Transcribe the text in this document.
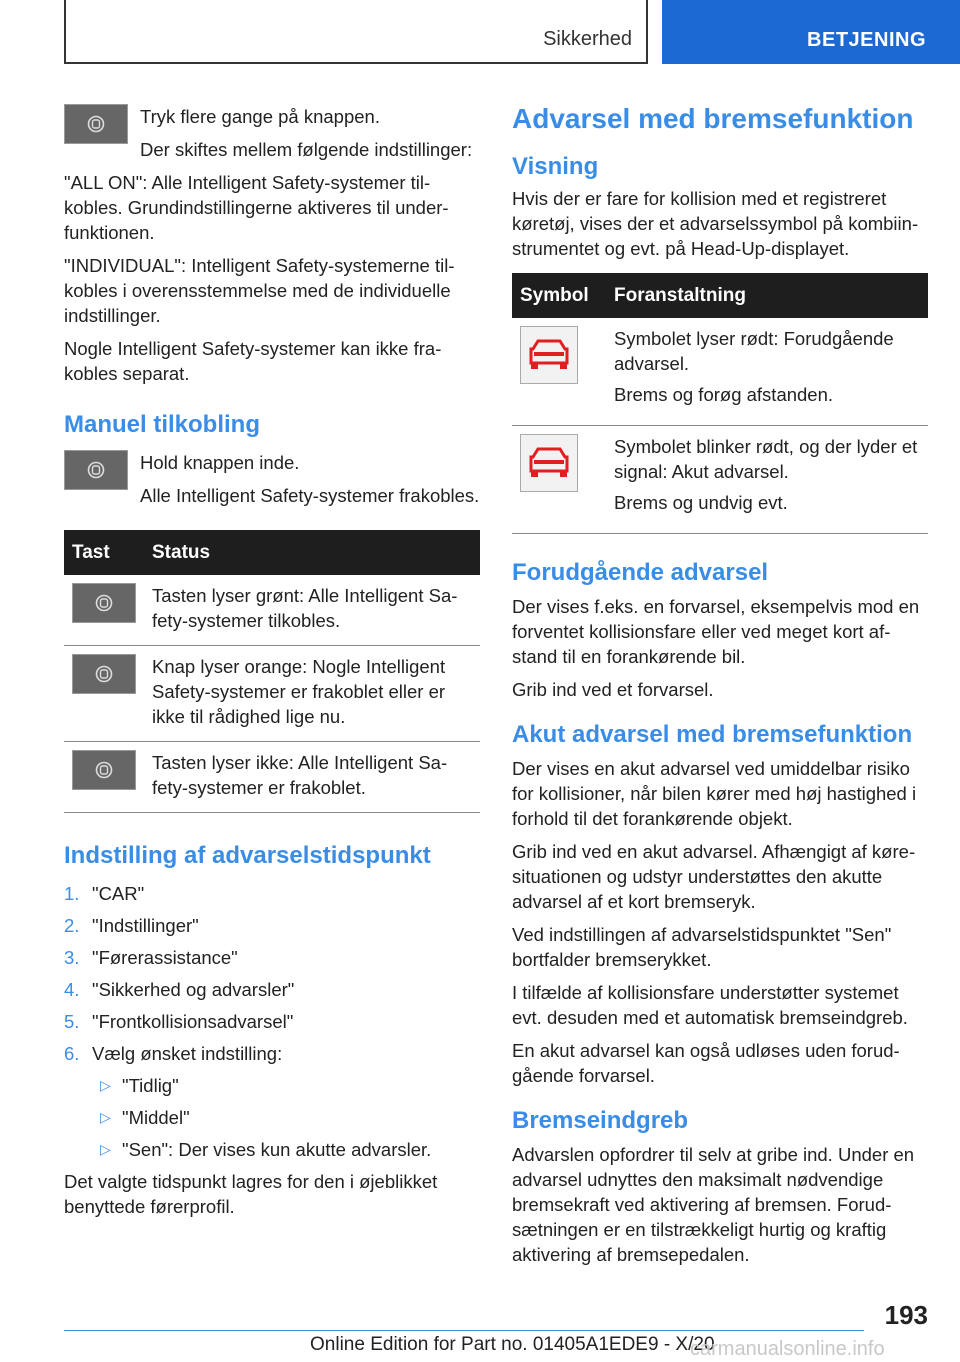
Sikkerhed	BETJENING

Tryk flere gange på knappen.

Der skiftes mellem følgende indstillinger:

"ALL ON": Alle Intelligent Safety-systemer tilkobles. Grundindstillingerne aktiveres til underfunktionen.

"INDIVIDUAL": Intelligent Safety-systemerne tilkobles i overensstemmelse med de individuelle indstillinger.

Nogle Intelligent Safety-systemer kan ikke frakobles separat.

Manuel tilkobling

Hold knappen inde.

Alle Intelligent Safety-systemer frakobles.

Tast	Status

	Tasten lyser grønt: Alle Intelligent Safety-systemer tilkobles.

	Knap lyser orange: Nogle Intelligent Safety-systemer er frakoblet eller er ikke til rådighed lige nu.

	Tasten lyser ikke: Alle Intelligent Safety-systemer er frakoblet.
Indstilling af advarselstidspunkt
1. "CAR"
2. "Indstillinger"
3. "Førerassistance"
4. "Sikkerhed og advarsler"
5. "Frontkollisionsadvarsel"
6. Vælg ønsket indstilling:
▷ "Tidlig"
▷ "Middel"
▷ "Sen": Der vises kun akutte advarsler.

Det valgte tidspunkt lagres for den i øjeblikket benyttede førerprofil.

Advarsel med bremsefunktion
Visning

Hvis der er fare for kollision med et registreret køretøj, vises der et advarselssymbol på kombiinstrumentet og evt. på Head-Up-displayet.

Symbol	Foranstaltning

Symbolet lyser rødt: Forudgående advarsel.

Brems og forøg afstanden.

Symbolet blinker rødt, og der lyder et signal: Akut advarsel.

Brems og undvig evt.

Forudgående advarsel

Der vises f.eks. en forvarsel, eksempelvis mod en forventet kollisionsfare eller ved meget kort afstand til en forankørende bil.

Grib ind ved et forvarsel.

Akut advarsel med bremsefunktion

Der vises en akut advarsel ved umiddelbar risiko for kollisioner, når bilen kører med høj hastighed i forhold til det forankørende objekt.

Grib ind ved en akut advarsel. Afhængigt af køresituationen og udstyr understøttes den akutte advarsel af et kort bremseryk.

Ved indstillingen af advarselstidspunktet "Sen" bortfalder bremserykket.

I tilfælde af kollisionsfare understøtter systemet evt. desuden med et automatisk bremseindgreb.

En akut advarsel kan også udløses uden forudgående forvarsel.

Bremseindgreb

Advarslen opfordrer til selv at gribe ind. Under en advarsel udnyttes den maksimalt nødvendige bremsekraft ved aktivering af bremsen. Forudsætningen er en tilstrækkeligt hurtig og kraftig aktivering af bremsepedalen.

193
Online Edition for Part no. 01405A1EDE9 - X/20
carmanualsonline.info
